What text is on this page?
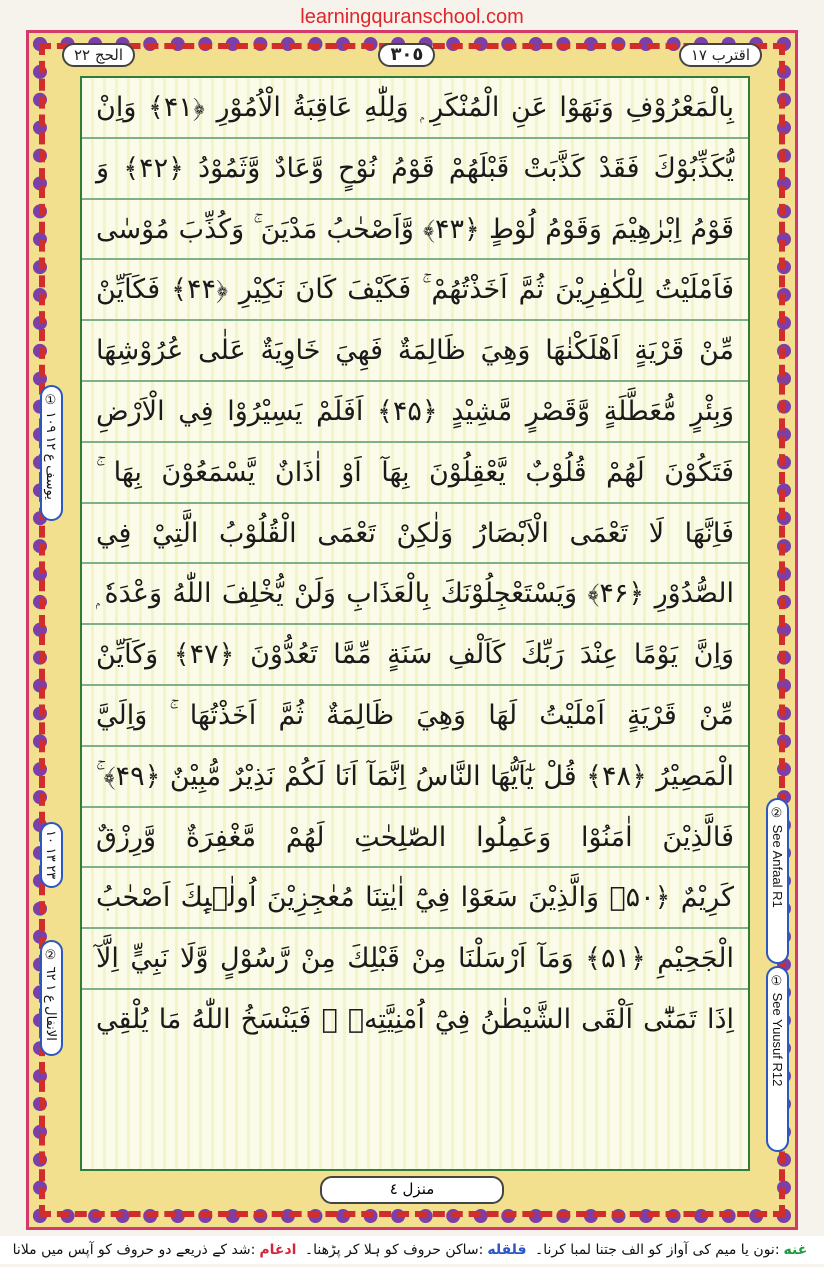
learningquranschool.com
الحج ٢٢	٣٠٥	اقترب ١٧
بِالْمَعْرُوْفِ وَنَهَوْا عَنِ الْمُنْكَرِ ۭ وَلِلّٰهِ عَاقِبَةُ الْاُمُوْرِ ﴿۴۱﴾ وَاِنْ
يُّكَذِّبُوْكَ فَقَدْ كَذَّبَتْ قَبْلَهُمْ قَوْمُ نُوْحٍ وَّعَادٌ وَّثَمُوْدُ ﴿۴۲﴾ وَ
قَوْمُ اِبْرٰهِيْمَ وَقَوْمُ لُوْطٍ ﴿۴۳﴾ وَّاَصْحٰبُ مَدْيَنَ ۚ وَكُذِّبَ مُوْسٰى
فَاَمْلَيْتُ لِلْكٰفِرِيْنَ ثُمَّ اَخَذْتُهُمْ ۚ فَكَيْفَ كَانَ نَكِيْرِ ﴿۴۴﴾ فَكَاَيِّنْ
مِّنْ قَرْيَةٍ اَهْلَكْنٰهَا وَهِيَ ظَالِمَةٌ فَهِيَ خَاوِيَةٌ عَلٰى عُرُوْشِهَا
وَبِئْرٍ مُّعَطَّلَةٍ وَّقَصْرٍ مَّشِيْدٍ ﴿۴۵﴾ اَفَلَمْ يَسِيْرُوْا فِي الْاَرْضِ
فَتَكُوْنَ لَهُمْ قُلُوْبٌ يَّعْقِلُوْنَ بِهَآ اَوْ اٰذَانٌ يَّسْمَعُوْنَ بِهَا ۚ
فَاِنَّهَا لَا تَعْمَى الْاَبْصَارُ وَلٰكِنْ تَعْمَى الْقُلُوْبُ الَّتِيْ فِي
الصُّدُوْرِ ﴿۴۶﴾ وَيَسْتَعْجِلُوْنَكَ بِالْعَذَابِ وَلَنْ يُّخْلِفَ اللّٰهُ وَعْدَهٗ ۭ
وَاِنَّ يَوْمًا عِنْدَ رَبِّكَ كَاَلْفِ سَنَةٍ مِّمَّا تَعُدُّوْنَ ﴿۴۷﴾ وَكَاَيِّنْ
مِّنْ قَرْيَةٍ اَمْلَيْتُ لَهَا وَهِيَ ظَالِمَةٌ ثُمَّ اَخَذْتُهَا ۚ وَاِلَيَّ
الْمَصِيْرُ ﴿۴۸﴾ قُلْ يٰٓاَيُّهَا النَّاسُ اِنَّمَآ اَنَا لَكُمْ نَذِيْرٌ مُّبِيْنٌ ﴿۴۹﴾ ۚ
فَالَّذِيْنَ اٰمَنُوْا وَعَمِلُوا الصّٰلِحٰتِ لَهُمْ مَّغْفِرَةٌ وَّرِزْقٌ
كَرِيْمٌ ﴿۵۰﴾ وَالَّذِيْنَ سَعَوْا فِيْٓ اٰيٰتِنَا مُعٰجِزِيْنَ اُولٰۗىِٕكَ اَصْحٰبُ
الْجَحِيْمِ ﴿۵۱﴾ وَمَآ اَرْسَلْنَا مِنْ قَبْلِكَ مِنْ رَّسُوْلٍ وَّلَا نَبِيٍّ اِلَّآ
اِذَا تَمَنّٰٓى اَلْقَى الشَّيْطٰنُ فِيْٓ اُمْنِيَّتِهٖ ۚ فَيَنْسَخُ اللّٰهُ مَا يُلْقِي
① يوسف ع ١٢ ١٠٩
٢٣ ١٣ ١٠
② الانفال ع ١ ٦٢
② See Anfaal R1
① See Yuusuf R12
منزل ٤
غنه:نون یا میم کی آواز کو الف جتنا لمبا کرنا۔ قلقله:ساکن حروف کو ہلا کر پڑھنا۔ ادغام:شد کے ذریعے دو حروف کو آپس میں ملانا
